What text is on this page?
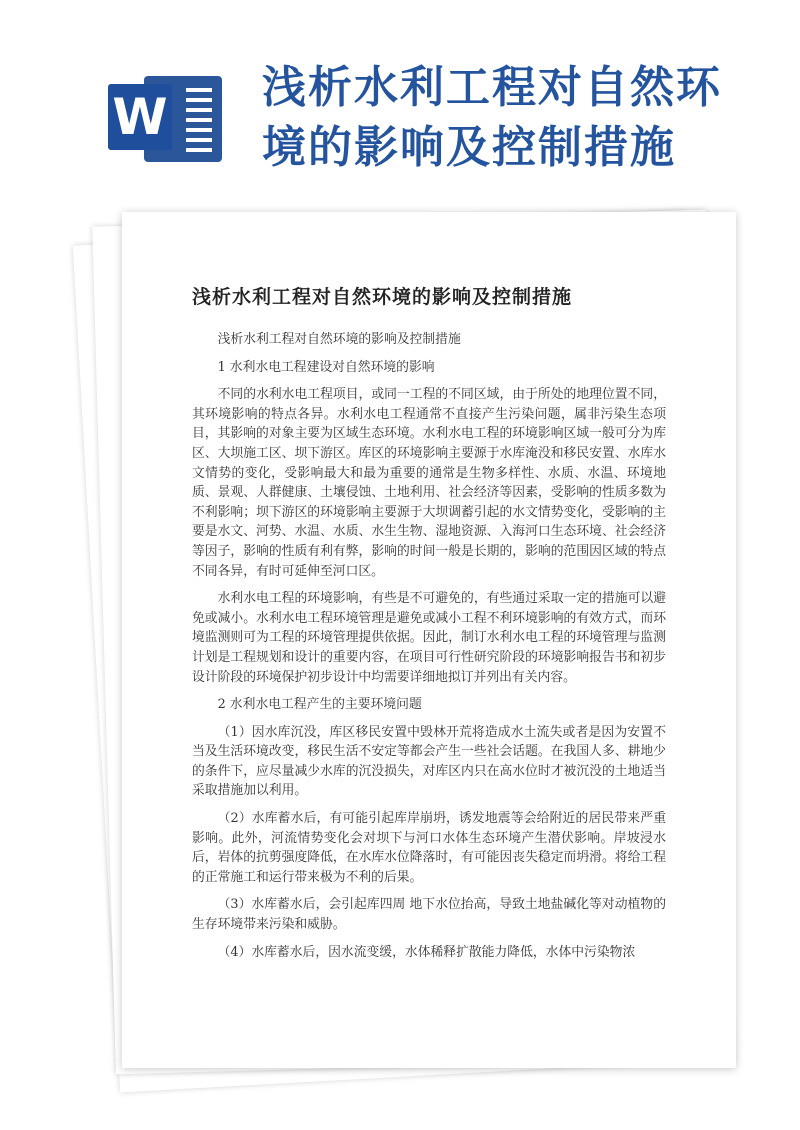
W
浅析水利工程对自然环境的影响及控制措施
浅析水利工程对自然环境的影响及控制措施

浅析水利工程对自然环境的影响及控制措施

1 水利水电工程建设对自然环境的影响

不同的水利水电工程项目，或同一工程的不同区域，由于所处的地理位置不同，其环境影响的特点各异。水利水电工程通常不直接产生污染问题，属非污染生态项目，其影响的对象主要为区域生态环境。水利水电工程的环境影响区域一般可分为库区、大坝施工区、坝下游区。库区的环境影响主要源于水库淹没和移民安置、水库水文情势的变化，受影响最大和最为重要的通常是生物多样性、水质、水温、环境地质、景观、人群健康、土壤侵蚀、土地利用、社会经济等因素，受影响的性质多数为不利影响；坝下游区的环境影响主要源于大坝调蓄引起的水文情势变化，受影响的主要是水文、河势、水温、水质、水生生物、湿地资源、入海河口生态环境、社会经济等因子，影响的性质有利有弊，影响的时间一般是长期的，影响的范围因区域的特点不同各异，有时可延伸至河口区。

水利水电工程的环境影响，有些是不可避免的，有些通过采取一定的措施可以避免或减小。水利水电工程环境管理是避免或减小工程不利环境影响的有效方式，而环境监测则可为工程的环境管理提供依据。因此，制订水利水电工程的环境管理与监测计划是工程规划和设计的重要内容，在项目可行性研究阶段的环境影响报告书和初步设计阶段的环境保护初步设计中均需要详细地拟订并列出有关内容。

2 水利水电工程产生的主要环境问题

（1）因水库沉没，库区移民安置中毁林开荒将造成水土流失或者是因为安置不当及生活环境改变，移民生活不安定等都会产生一些社会话题。在我国人多、耕地少的条件下，应尽量减少水库的沉没损失，对库区内只在高水位时才被沉没的土地适当采取措施加以利用。

（2）水库蓄水后，有可能引起库岸崩坍，诱发地震等会给附近的居民带来严重影响。此外，河流情势变化会对坝下与河口水体生态环境产生潜伏影响。岸坡浸水后，岩体的抗剪强度降低，在水库水位降落时，有可能因丧失稳定而坍滑。将给工程的正常施工和运行带来极为不利的后果。

（3）水库蓄水后，会引起库四周 地下水位抬高，导致土地盐碱化等对动植物的生存环境带来污染和威胁。

（4）水库蓄水后，因水流变缓，水体稀释扩散能力降低，水体中污染物浓
